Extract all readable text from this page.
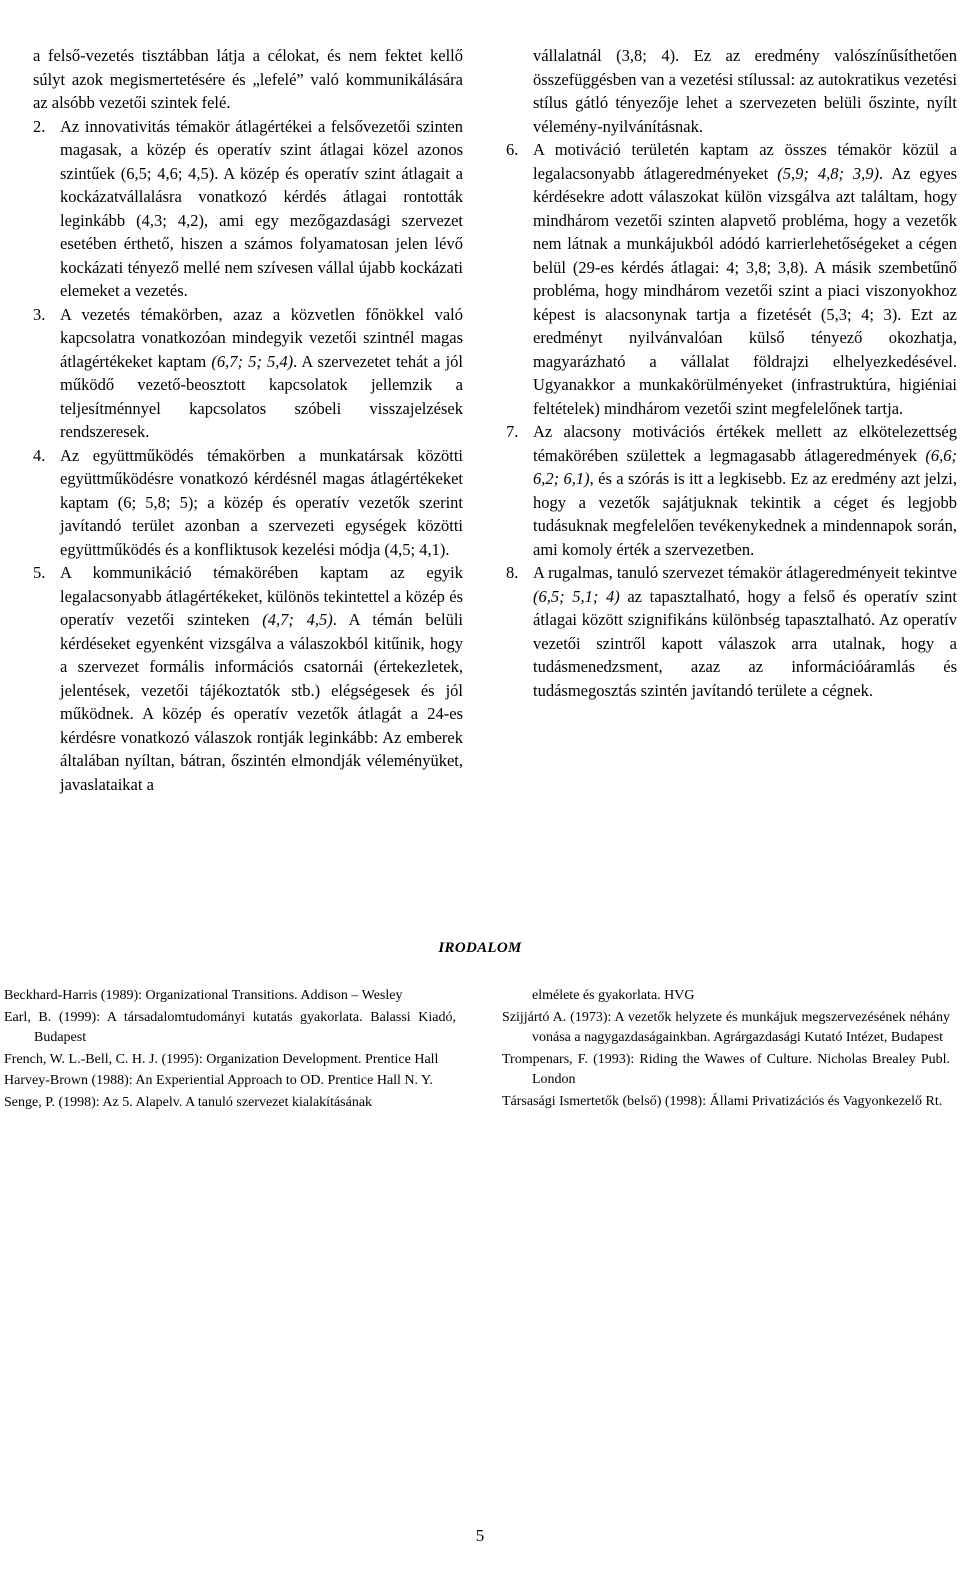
a felső-vezetés tisztábban látja a célokat, és nem fektet kellő súlyt azok megismertetésére és „lefelé” való kommunikálására az alsóbb vezetői szintek felé.

2. Az innovativitás témakör átlagértékei a felsővezetői szinten magasak, a közép és operatív szint átlagai közel azonos szintűek (6,5; 4,6; 4,5). A közép és operatív szint átlagait a kockázatvállalásra vonatkozó kérdés átlagai rontották leginkább (4,3; 4,2), ami egy mezőgazdasági szervezet esetében érthető, hiszen a számos folyamatosan jelen lévő kockázati tényező mellé nem szívesen vállal újabb kockázati elemeket a vezetés.
3. A vezetés témakörben, azaz a közvetlen főnökkel való kapcsolatra vonatkozóan mindegyik vezetői szintnél magas átlagértékeket kaptam (6,7; 5; 5,4). A szervezetet tehát a jól működő vezető-beosztott kapcsolatok jellemzik a teljesítménnyel kapcsolatos szóbeli visszajelzések rendszeresek.
4. Az együttműködés témakörben a munkatársak közötti együttműködésre vonatkozó kérdésnél magas átlagértékeket kaptam (6; 5,8; 5); a közép és operatív vezetők szerint javítandó terület azonban a szervezeti egységek közötti együttműködés és a konfliktusok kezelési módja (4,5; 4,1).
5. A kommunikáció témakörében kaptam az egyik legalacsonyabb átlagértékeket, különös tekintettel a közép és operatív vezetői szinteken (4,7; 4,5). A témán belüli kérdéseket egyenként vizsgálva a válaszokból kitűnik, hogy a szervezet formális információs csatornái (értekezletek, jelentések, vezetői tájékoztatók stb.) elégségesek és jól működnek. A közép és operatív vezetők átlagát a 24-es kérdésre vonatkozó válaszok rontják leginkább: Az emberek általában nyíltan, bátran, őszintén elmondják véleményüket, javaslataikat a

vállalatnál (3,8; 4). Ez az eredmény valószínűsíthetően összefüggésben van a vezetési stílussal: az autokratikus vezetési stílus gátló tényezője lehet a szervezeten belüli őszinte, nyílt vélemény-nyilvánításnak.

6. A motiváció területén kaptam az összes témakör közül a legalacsonyabb átlageredményeket (5,9; 4,8; 3,9). Az egyes kérdésekre adott válaszokat külön vizsgálva azt találtam, hogy mindhárom vezetői szinten alapvető probléma, hogy a vezetők nem látnak a munkájukból adódó karrierlehetőségeket a cégen belül (29-es kérdés átlagai: 4; 3,8; 3,8). A másik szembetűnő probléma, hogy mindhárom vezetői szint a piaci viszonyokhoz képest is alacsonynak tartja a fizetését (5,3; 4; 3). Ezt az eredményt nyilvánvalóan külső tényező okozhatja, magyarázható a vállalat földrajzi elhelyezkedésével. Ugyanakkor a munkakörülményeket (infrastruktúra, higiéniai feltételek) mindhárom vezetői szint megfelelőnek tartja.
7. Az alacsony motivációs értékek mellett az elkötelezettség témakörében születtek a legmagasabb átlageredmények (6,6; 6,2; 6,1), és a szórás is itt a legkisebb. Ez az eredmény azt jelzi, hogy a vezetők sajátjuknak tekintik a céget és legjobb tudásuknak megfelelően tevékenykednek a mindennapok során, ami komoly érték a szervezetben.
8. A rugalmas, tanuló szervezet témakör átlageredményeit tekintve (6,5; 5,1; 4) az tapasztalható, hogy a felső és operatív szint átlagai között szignifikáns különbség tapasztalható. Az operatív vezetői szintről kapott válaszok arra utalnak, hogy a tudásmenedzsment, azaz az információáramlás és tudásmegosztás szintén javítandó területe a cégnek.
IRODALOM

Beckhard-Harris (1989): Organizational Transitions. Addison – Wesley

Earl, B. (1999): A társadalomtudományi kutatás gyakorlata. Balassi Kiadó, Budapest

French, W. L.-Bell, C. H. J. (1995): Organization Development. Prentice Hall

Harvey-Brown (1988): An Experiential Approach to OD. Prentice Hall N. Y.

Senge, P. (1998): Az 5. Alapelv. A tanuló szervezet kialakításának

elmélete és gyakorlata. HVG

Szijjártó A. (1973): A vezetők helyzete és munkájuk megszervezésének néhány vonása a nagygazdaságainkban. Agrárgazdasági Kutató Intézet, Budapest

Trompenars, F. (1993): Riding the Wawes of Culture. Nicholas Brealey Publ. London

Társasági Ismertetők (belső) (1998): Állami Privatizációs és Vagyonkezelő Rt.

5
